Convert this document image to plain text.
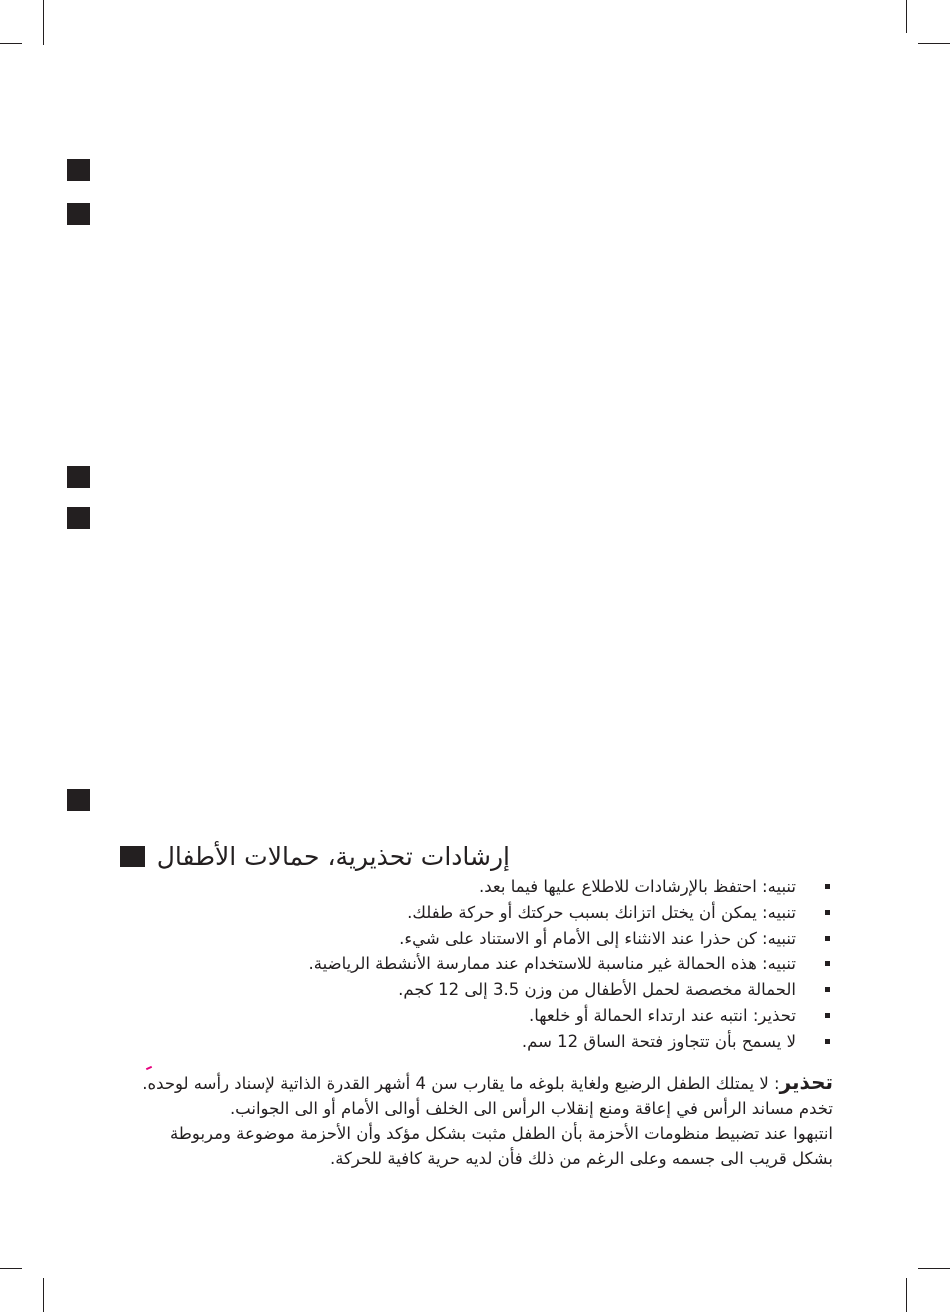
إرشادات تحذيرية، حمالات الأطفال
تنبيه: احتفظ بالإرشادات للاطلاع عليها فيما بعد.
تنبيه: يمكن أن يختل اتزانك بسبب حركتك أو حركة طفلك.
تنبيه: كن حذرا عند الانثناء إلى الأمام أو الاستناد على شيء.
تنبيه: هذه الحمالة غير مناسبة للاستخدام عند ممارسة الأنشطة الرياضية.
الحمالة مخصصة لحمل الأطفال من وزن 3.5 إلى 12 كجم.
تحذير: انتبه عند ارتداء الحمالة أو خلعها.
لا يسمح بأن تتجاوز فتحة الساق 12 سم.
تحذير: لا يمتلك الطفل الرضيع ولغاية بلوغه ما يقارب سن 4 أشهر القدرة الذاتية لإسناد رأسه لوحده.
تخدم مساند الرأس في إعاقة ومنع إنقلاب الرأس الى الخلف أوالى الأمام أو الى الجوانب.
انتبهوا عند تضبيط منظومات الأحزمة بأن الطفل مثبت بشكل مؤكد وأن الأحزمة موضوعة ومربوطة
بشكل قريب الى جسمه وعلى الرغم من ذلك فأن لديه حرية كافية للحركة.
